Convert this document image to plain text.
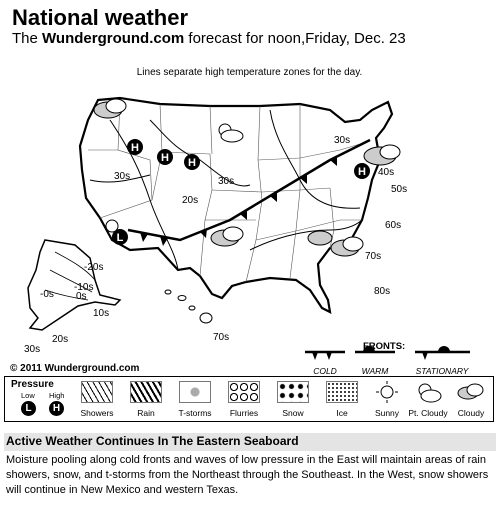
National weather
The Wunderground.com forecast for noon,Friday, Dec. 23
Lines separate high temperature zones for the day.
H
H H
H
L
30s
20s
30s
30s
40s
50s
60s
70s
80s
-20s
-10s
-0s 0s
10s
20s
30s
70s
© 2011 Wunderground.com
FRONTS:
COLD	WARM	STATIONARY
Pressure
Low High
L	H	Showers	Rain	T-storms	Flurries	Snow	Ice	Sunny	Pt. Cloudy	Cloudy
Active Weather Continues In The Eastern Seaboard
Moisture pooling along cold fronts and waves of low pressure in the East will maintain areas of rain showers, snow, and t-storms from the Northeast through the Southeast. In the West, snow showers will continue in New Mexico and western Texas.
